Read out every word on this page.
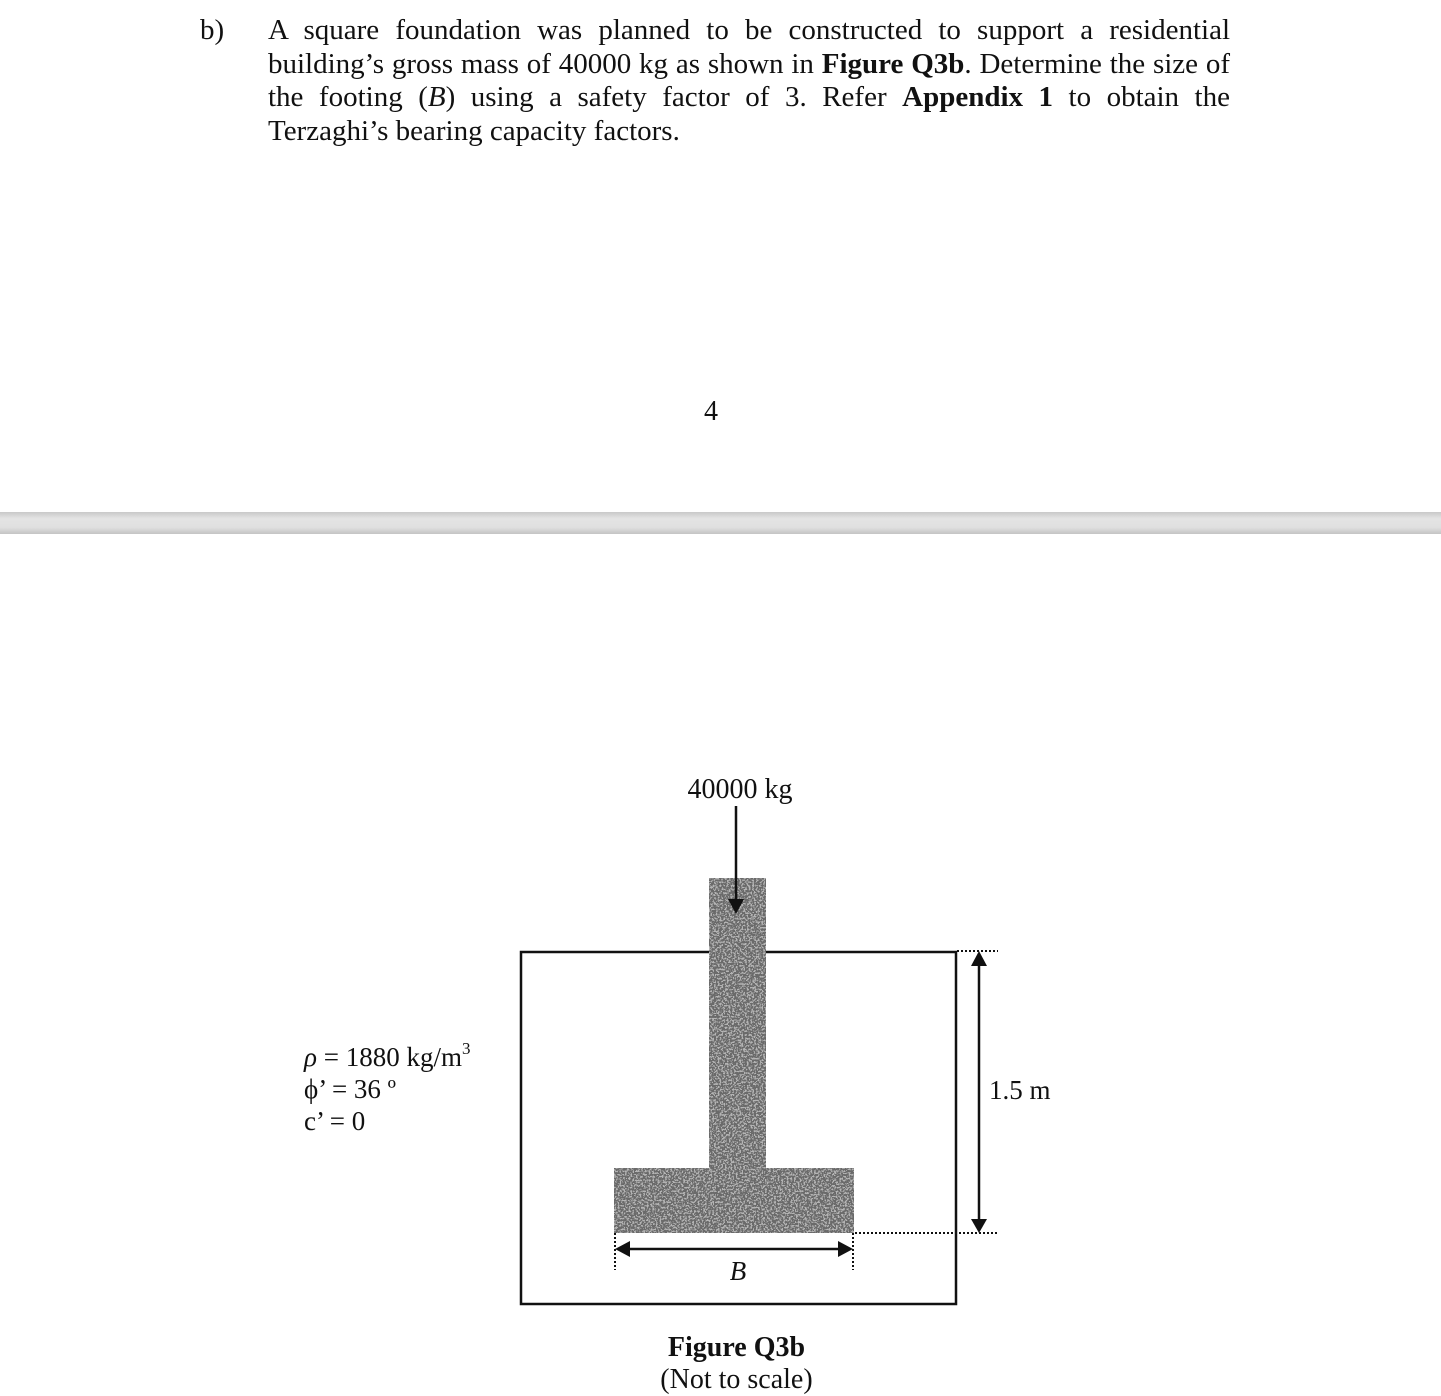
b) A square foundation was planned to be constructed to support a residential building’s gross mass of 40000 kg as shown in Figure Q3b. Determine the size of the footing (B) using a safety factor of 3. Refer Appendix 1 to obtain the Terzaghi’s bearing capacity factors.
4
40000 kg
ρ = 1880 $kg/m^3$
ϕ’ = 36 º
c’ = 0
1.5 m
B
Figure Q3b
(Not to scale)
